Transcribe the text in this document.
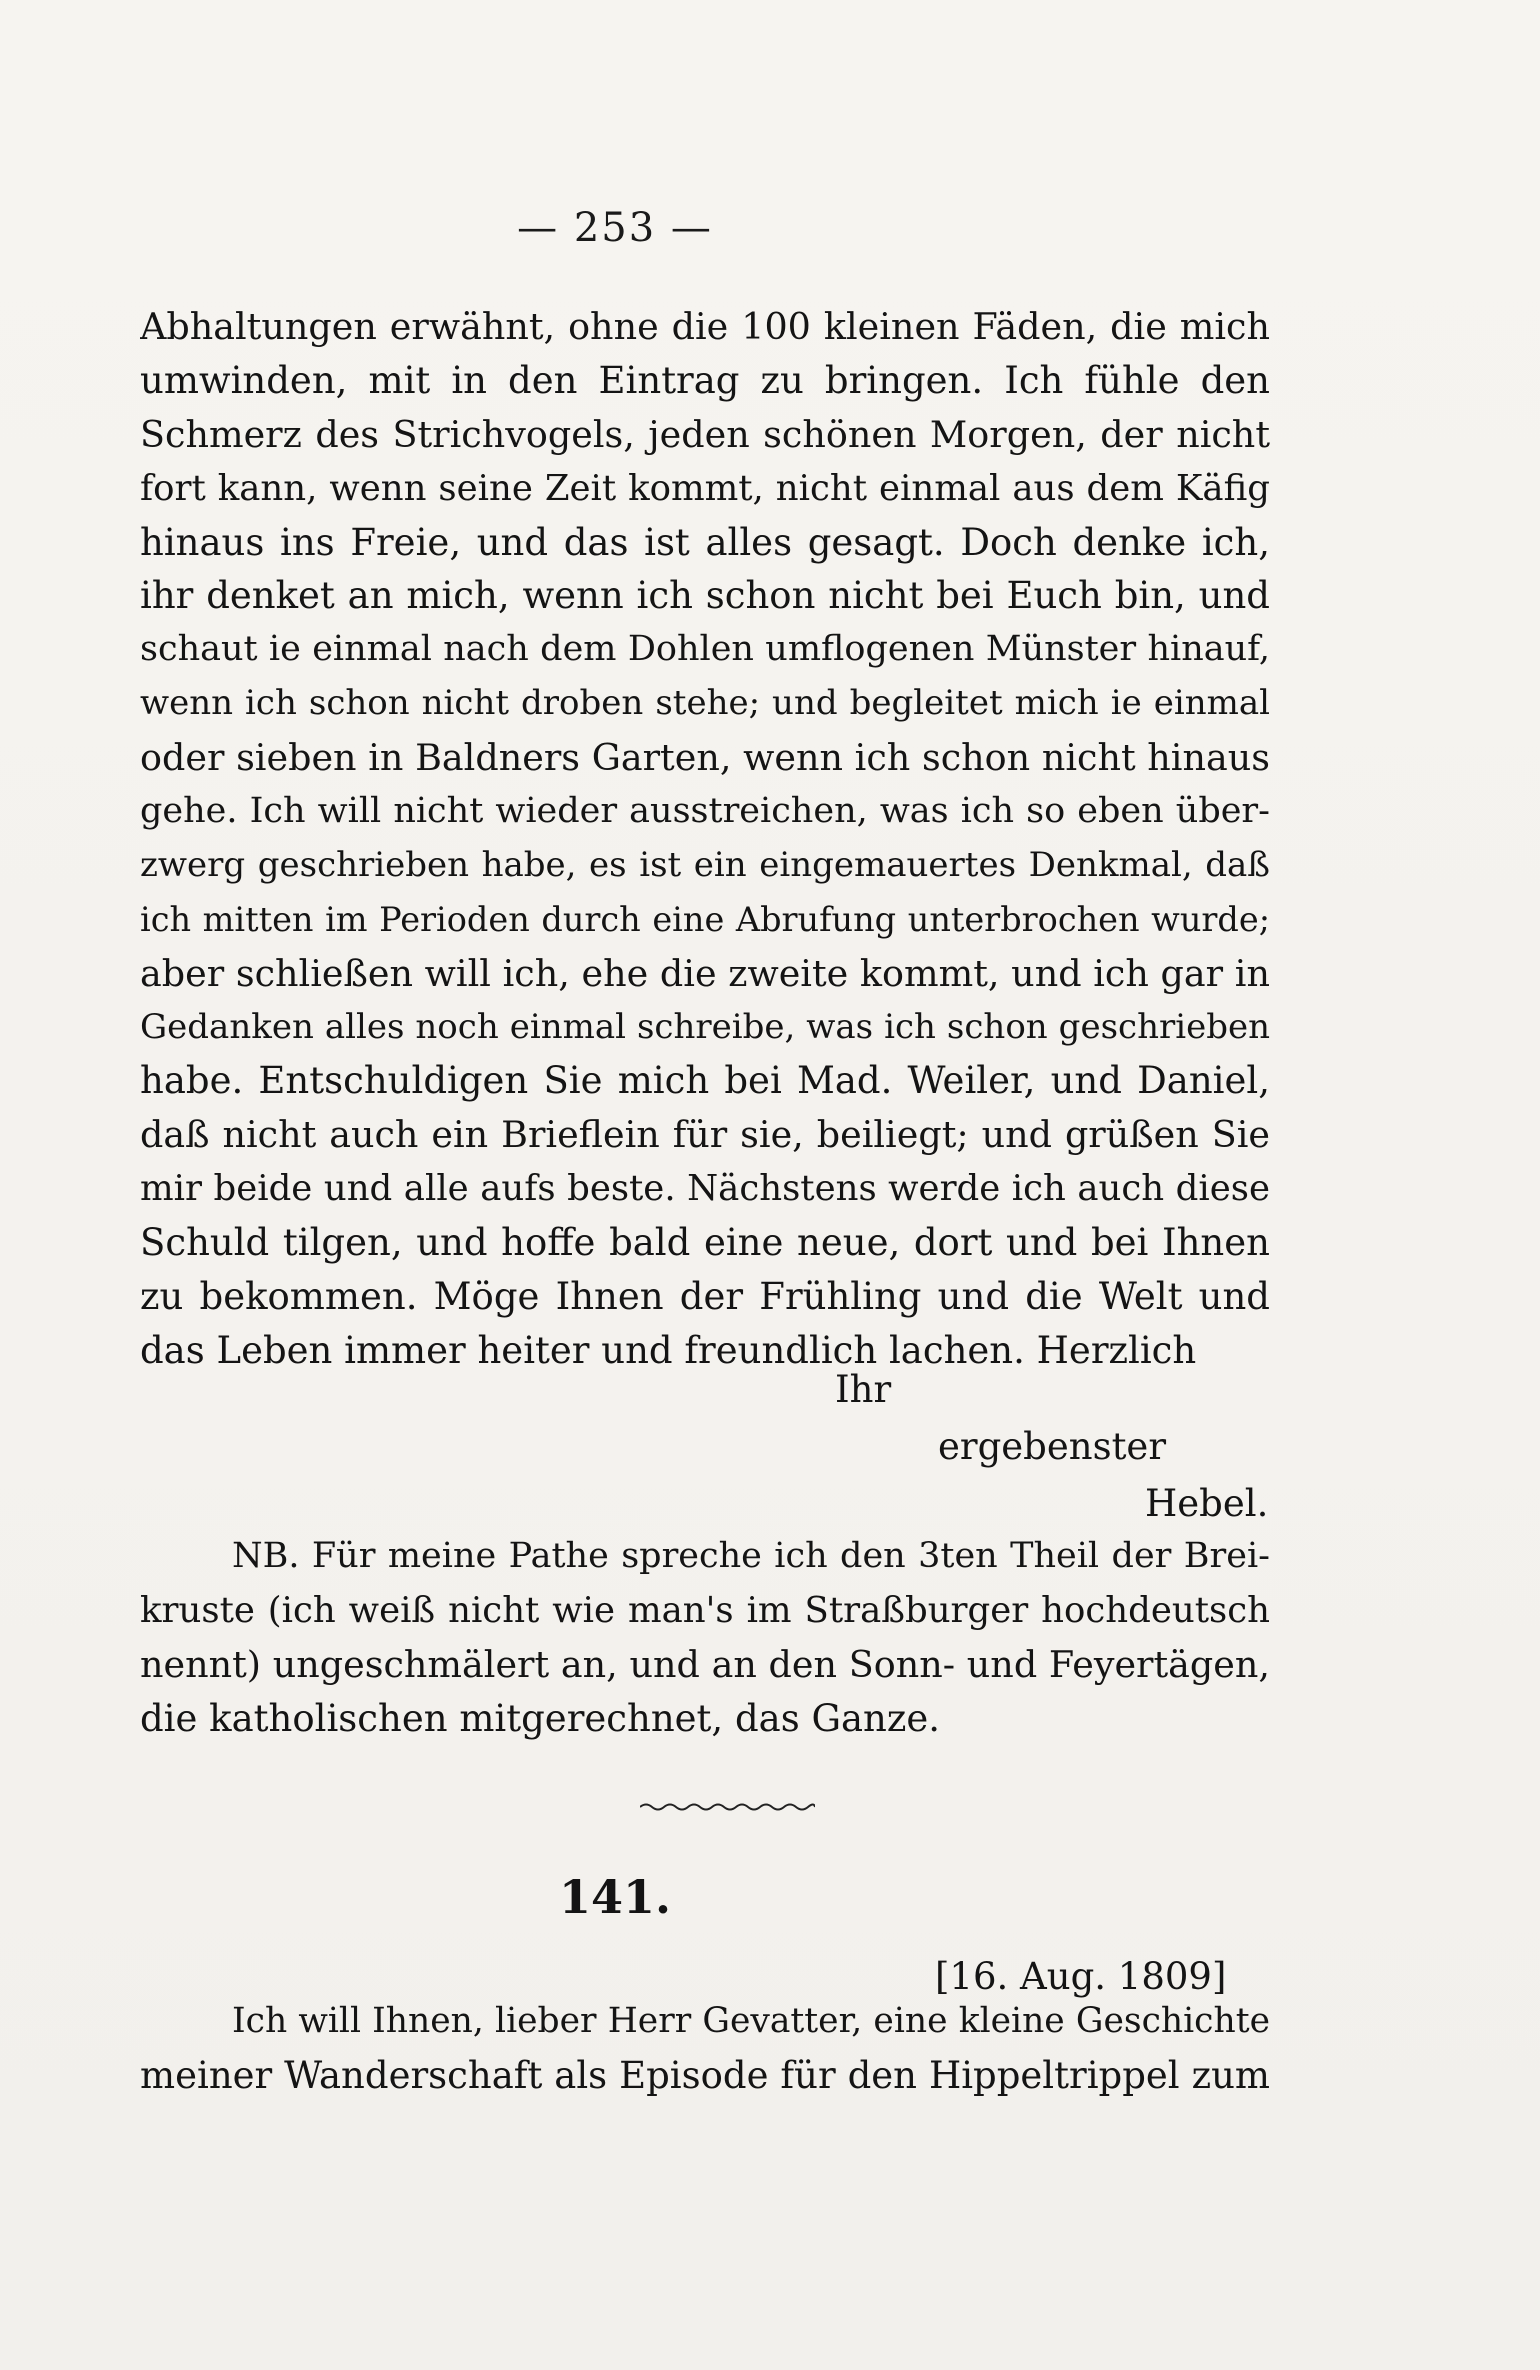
— 253 —
Abhaltungen erwähnt, ohne die 100 kleinen Fäden, die mich
umwinden, mit in den Eintrag zu bringen. Ich fühle den
Schmerz des Strichvogels, jeden schönen Morgen, der nicht
fort kann, wenn seine Zeit kommt, nicht einmal aus dem Käfig
hinaus ins Freie, und das ist alles gesagt. Doch denke ich,
ihr denket an mich, wenn ich schon nicht bei Euch bin, und
schaut ie einmal nach dem Dohlen umflogenen Münster hinauf,
wenn ich schon nicht droben stehe; und begleitet mich ie einmal
oder sieben in Baldners Garten, wenn ich schon nicht hinaus
gehe. Ich will nicht wieder ausstreichen, was ich so eben über-
zwerg geschrieben habe, es ist ein eingemauertes Denkmal, daß
ich mitten im Perioden durch eine Abrufung unterbrochen wurde;
aber schließen will ich, ehe die zweite kommt, und ich gar in
Gedanken alles noch einmal schreibe, was ich schon geschrieben
habe. Entschuldigen Sie mich bei Mad. Weiler, und Daniel,
daß nicht auch ein Brieflein für sie, beiliegt; und grüßen Sie
mir beide und alle aufs beste. Nächstens werde ich auch diese
Schuld tilgen, und hoffe bald eine neue, dort und bei Ihnen
zu bekommen. Möge Ihnen der Frühling und die Welt und
das Leben immer heiter und freundlich lachen. Herzlich
Ihr
ergebenster
Hebel.
NB. Für meine Pathe spreche ich den 3ten Theil der Brei-
kruste (ich weiß nicht wie man's im Straßburger hochdeutsch
nennt) ungeschmälert an, und an den Sonn- und Feyertägen,
die katholischen mitgerechnet, das Ganze.
141.
[16. Aug. 1809]
Ich will Ihnen, lieber Herr Gevatter, eine kleine Geschichte
meiner Wanderschaft als Episode für den Hippeltrippel zum
